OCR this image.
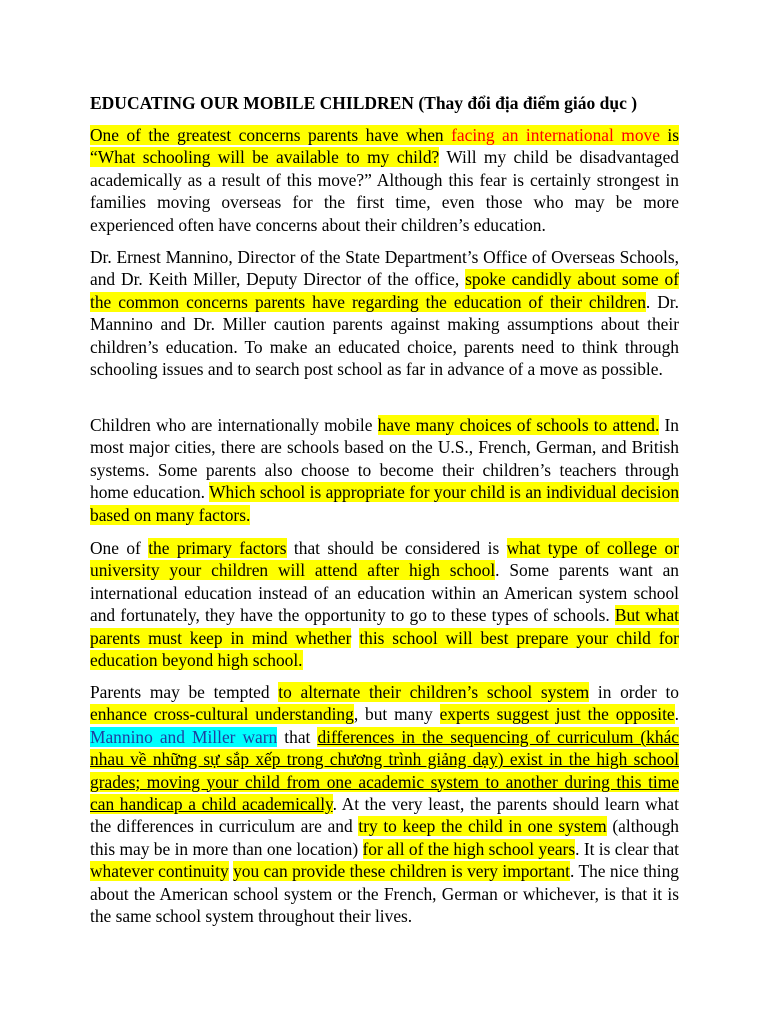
EDUCATING OUR MOBILE CHILDREN (Thay đổi địa điểm giáo dục )

One of the greatest concerns parents have when facing an international move is “What schooling will be available to my child? Will my child be disadvantaged academically as a result of this move?” Although this fear is certainly strongest in families moving overseas for the first time, even those who may be more experienced often have concerns about their children’s education.

Dr. Ernest Mannino, Director of the State Department’s Office of Overseas Schools, and Dr. Keith Miller, Deputy Director of the office, spoke candidly about some of the common concerns parents have regarding the education of their children. Dr. Mannino and Dr. Miller caution parents against making assumptions about their children’s education. To make an educated choice, parents need to think through schooling issues and to search post school as far in advance of a move as possible.

Children who are internationally mobile have many choices of schools to attend. In most major cities, there are schools based on the U.S., French, German, and British systems. Some parents also choose to become their children’s teachers through home education. Which school is appropriate for your child is an individual decision based on many factors.

One of the primary factors that should be considered is what type of college or university your children will attend after high school. Some parents want an international education instead of an education within an American system school and fortunately, they have the opportunity to go to these types of schools. But what parents must keep in mind whether this school will best prepare your child for education beyond high school.

Parents may be tempted to alternate their children’s school system in order to enhance cross-cultural understanding, but many experts suggest just the opposite. Mannino and Miller warn that differences in the sequencing of curriculum (khác nhau về những sự sắp xếp trong chương trình giảng dạy) exist in the high school grades; moving your child from one academic system to another during this time can handicap a child academically. At the very least, the parents should learn what the differences in curriculum are and try to keep the child in one system (although this may be in more than one location) for all of the high school years. It is clear that whatever continuity you can provide these children is very important. The nice thing about the American school system or the French, German or whichever, is that it is the same school system throughout their lives.
